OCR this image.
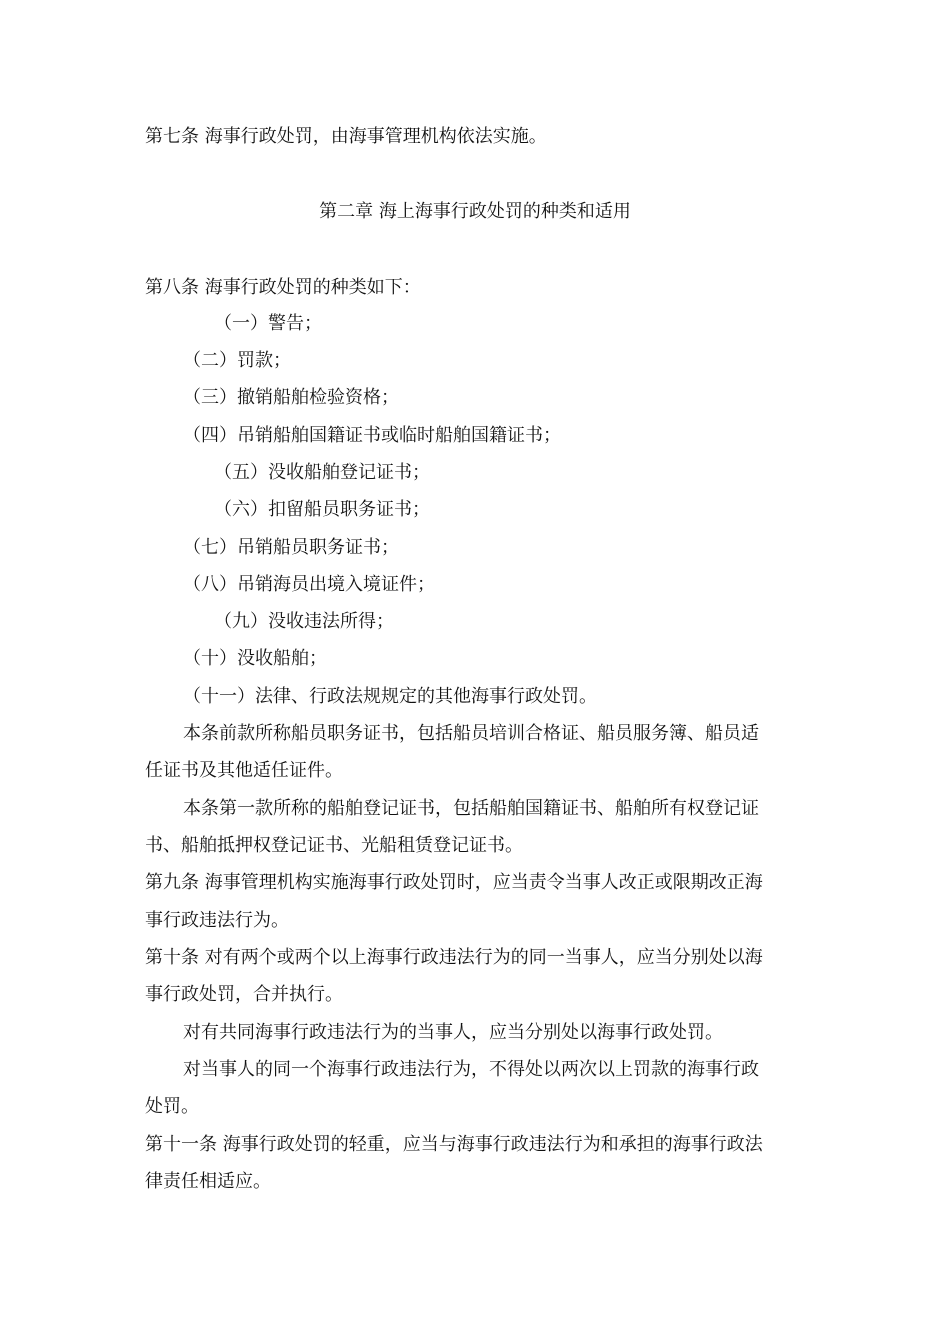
第七条 海事行政处罚，由海事管理机构依法实施。
第二章 海上海事行政处罚的种类和适用
第八条 海事行政处罚的种类如下：
（一）警告；
（二）罚款；
（三）撤销船舶检验资格；
（四）吊销船舶国籍证书或临时船舶国籍证书；
（五）没收船舶登记证书；
（六）扣留船员职务证书；
（七）吊销船员职务证书；
（八）吊销海员出境入境证件；
（九）没收违法所得；
（十）没收船舶；
（十一）法律、行政法规规定的其他海事行政处罚。
本条前款所称船员职务证书，包括船员培训合格证、船员服务簿、船员适
任证书及其他适任证件。
本条第一款所称的船舶登记证书，包括船舶国籍证书、船舶所有权登记证
书、船舶抵押权登记证书、光船租赁登记证书。
第九条 海事管理机构实施海事行政处罚时，应当责令当事人改正或限期改正海
事行政违法行为。
第十条 对有两个或两个以上海事行政违法行为的同一当事人，应当分别处以海
事行政处罚，合并执行。
对有共同海事行政违法行为的当事人，应当分别处以海事行政处罚。
对当事人的同一个海事行政违法行为，不得处以两次以上罚款的海事行政
处罚。
第十一条 海事行政处罚的轻重，应当与海事行政违法行为和承担的海事行政法
律责任相适应。
